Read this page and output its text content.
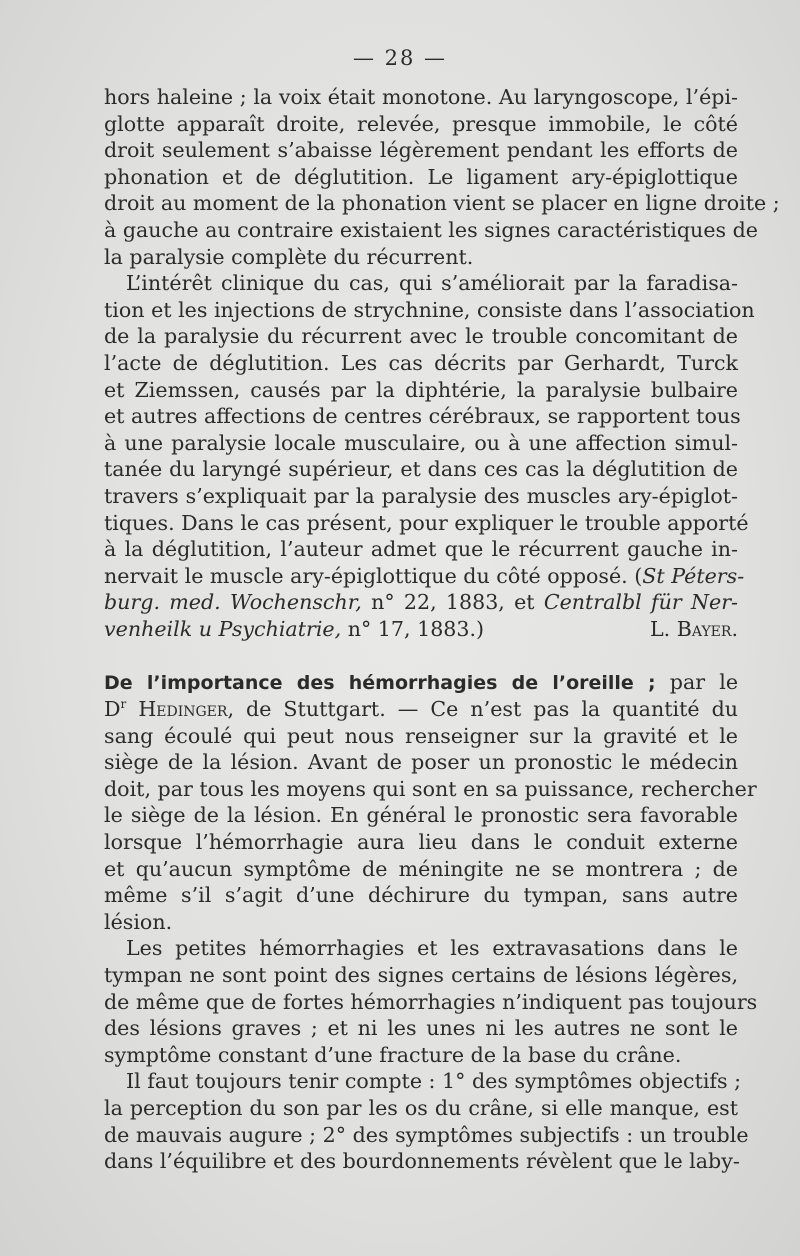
— 28 —
hors haleine ; la voix était monotone. Au laryngoscope, l’épi-
glotte apparaît droite, relevée, presque immobile, le côté
droit seulement s’abaisse légèrement pendant les efforts de
phonation et de déglutition. Le ligament ary-épiglottique
droit au moment de la phonation vient se placer en ligne droite ;
à gauche au contraire existaient les signes caractéristiques de
la paralysie complète du récurrent.
L’intérêt clinique du cas, qui s’améliorait par la faradisa-
tion et les injections de strychnine, consiste dans l’association
de la paralysie du récurrent avec le trouble concomitant de
l’acte de déglutition. Les cas décrits par Gerhardt, Turck
et Ziemssen, causés par la diphtérie, la paralysie bulbaire
et autres affections de centres cérébraux, se rapportent tous
à une paralysie locale musculaire, ou à une affection simul-
tanée du laryngé supérieur, et dans ces cas la déglutition de
travers s’expliquait par la paralysie des muscles ary-épiglot-
tiques. Dans le cas présent, pour expliquer le trouble apporté
à la déglutition, l’auteur admet que le récurrent gauche in-
nervait le muscle ary-épiglottique du côté opposé. (St Péters-
burg. med. Wochenschr, n° 22, 1883, et Centralbl für Ner-
venheilk u Psychiatrie, n° 17, 1883.)	L. Bayer.
De l’importance des hémorrhagies de l’oreille ; par le
$D^r$ Hedinger, de Stuttgart. — Ce n’est pas la quantité du
sang écoulé qui peut nous renseigner sur la gravité et le
siège de la lésion. Avant de poser un pronostic le médecin
doit, par tous les moyens qui sont en sa puissance, rechercher
le siège de la lésion. En général le pronostic sera favorable
lorsque l’hémorrhagie aura lieu dans le conduit externe
et qu’aucun symptôme de méningite ne se montrera ; de
même s’il s’agit d’une déchirure du tympan, sans autre
lésion.
Les petites hémorrhagies et les extravasations dans le
tympan ne sont point des signes certains de lésions légères,
de même que de fortes hémorrhagies n’indiquent pas toujours
des lésions graves ; et ni les unes ni les autres ne sont le
symptôme constant d’une fracture de la base du crâne.
Il faut toujours tenir compte : 1° des symptômes objectifs ;
la perception du son par les os du crâne, si elle manque, est
de mauvais augure ; 2° des symptômes subjectifs : un trouble
dans l’équilibre et des bourdonnements révèlent que le laby-
